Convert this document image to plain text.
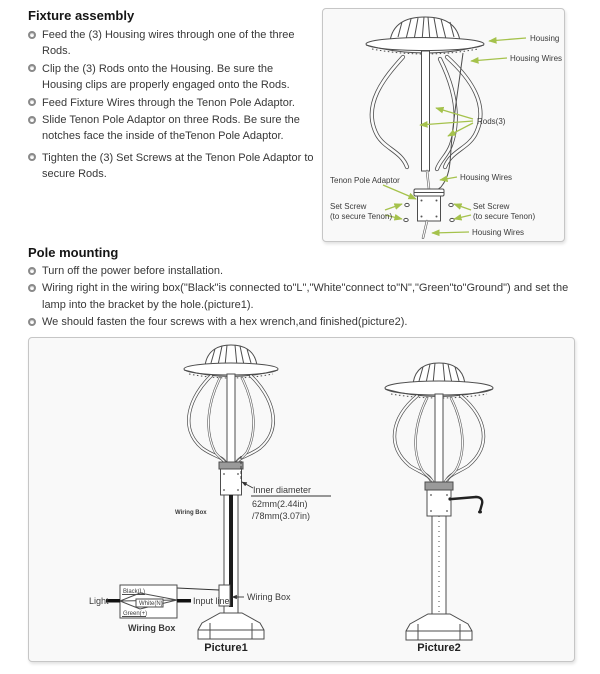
Fixture assembly
Feed the (3) Housing wires through one of the three Rods.
Clip the (3) Rods onto the Housing. Be sure the Housing clips are properly engaged onto the Rods.
Feed Fixture Wires through the Tenon Pole Adaptor.
Slide Tenon Pole Adaptor on three Rods. Be sure the notches face the inside of theTenon Pole Adaptor.
Tighten the (3) Set Screws at the Tenon Pole Adaptor to secure Rods.
Housing
Housing Wires
Rods(3)
Housing Wires
Tenon Pole Adaptor
Set Screw
(to secure Tenon)
Set Screw
(to secure Tenon)
Housing Wires
Pole mounting
Turn off the power before installation.
Wiring right in the wiring box("Black"is connected to"L","White"connect to"N","Green"to"Ground") and set the lamp into the bracket by the hole.(picture1).
We should fasten the four screws with a hex wrench,and finished(picture2).
Wiring Box
Inner diameter
62mm(2.44in)
/78mm(3.07in)
Wiring Box
Black(L)
White(N)
Green(+)
Light	Input line
Wiring Box
Picture1	Picture2
